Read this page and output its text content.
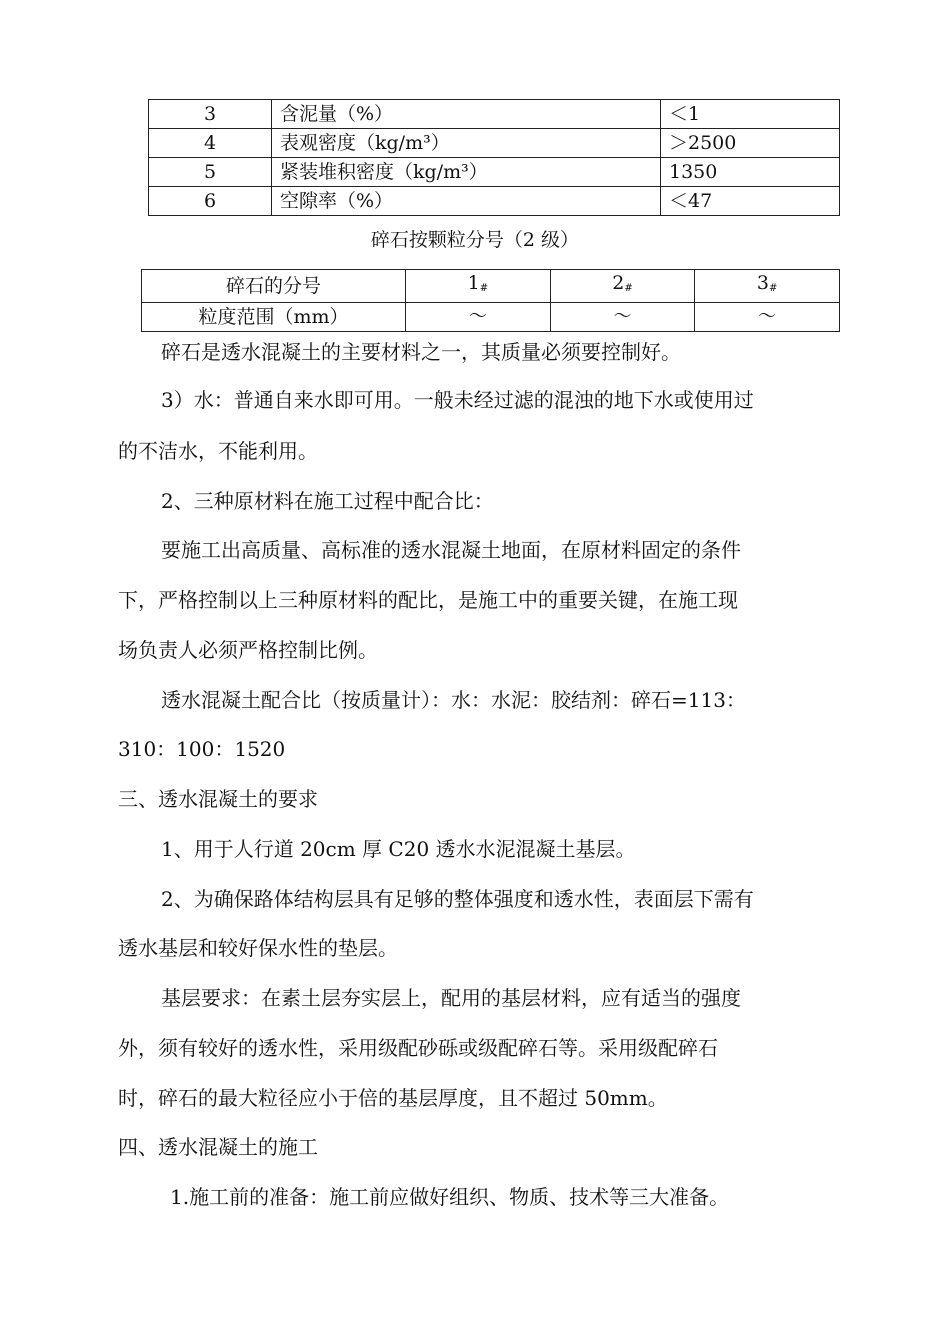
3	含泥量（%）	＜1
4	表观密度（kg/m³）	＞2500
5	紧装堆积密度（kg/m³）	1350
6	空隙率（%）	＜47
碎石按颗粒分号（2 级）
碎石的分号	$1_{\#}$	$2_{\#}$	$3_{\#}$
粒度范围（mm）	～	～	～
碎石是透水混凝土的主要材料之一，其质量必须要控制好。
3）水：普通自来水即可用。一般未经过滤的混浊的地下水或使用过
的不洁水，不能利用。
2、三种原材料在施工过程中配合比：
要施工出高质量、高标准的透水混凝土地面，在原材料固定的条件
下，严格控制以上三种原材料的配比，是施工中的重要关键，在施工现
场负责人必须严格控制比例。
透水混凝土配合比（按质量计）：水：水泥：胶结剂：碎石=113：
310：100：1520
三、透水混凝土的要求
1、用于人行道 20cm 厚 C20 透水水泥混凝土基层。
2、为确保路体结构层具有足够的整体强度和透水性，表面层下需有
透水基层和较好保水性的垫层。
基层要求：在素土层夯实层上，配用的基层材料，应有适当的强度
外，须有较好的透水性，采用级配砂砾或级配碎石等。采用级配碎石
时，碎石的最大粒径应小于倍的基层厚度，且不超过 50mm。
四、透水混凝土的施工
1.施工前的准备：施工前应做好组织、物质、技术等三大准备。
